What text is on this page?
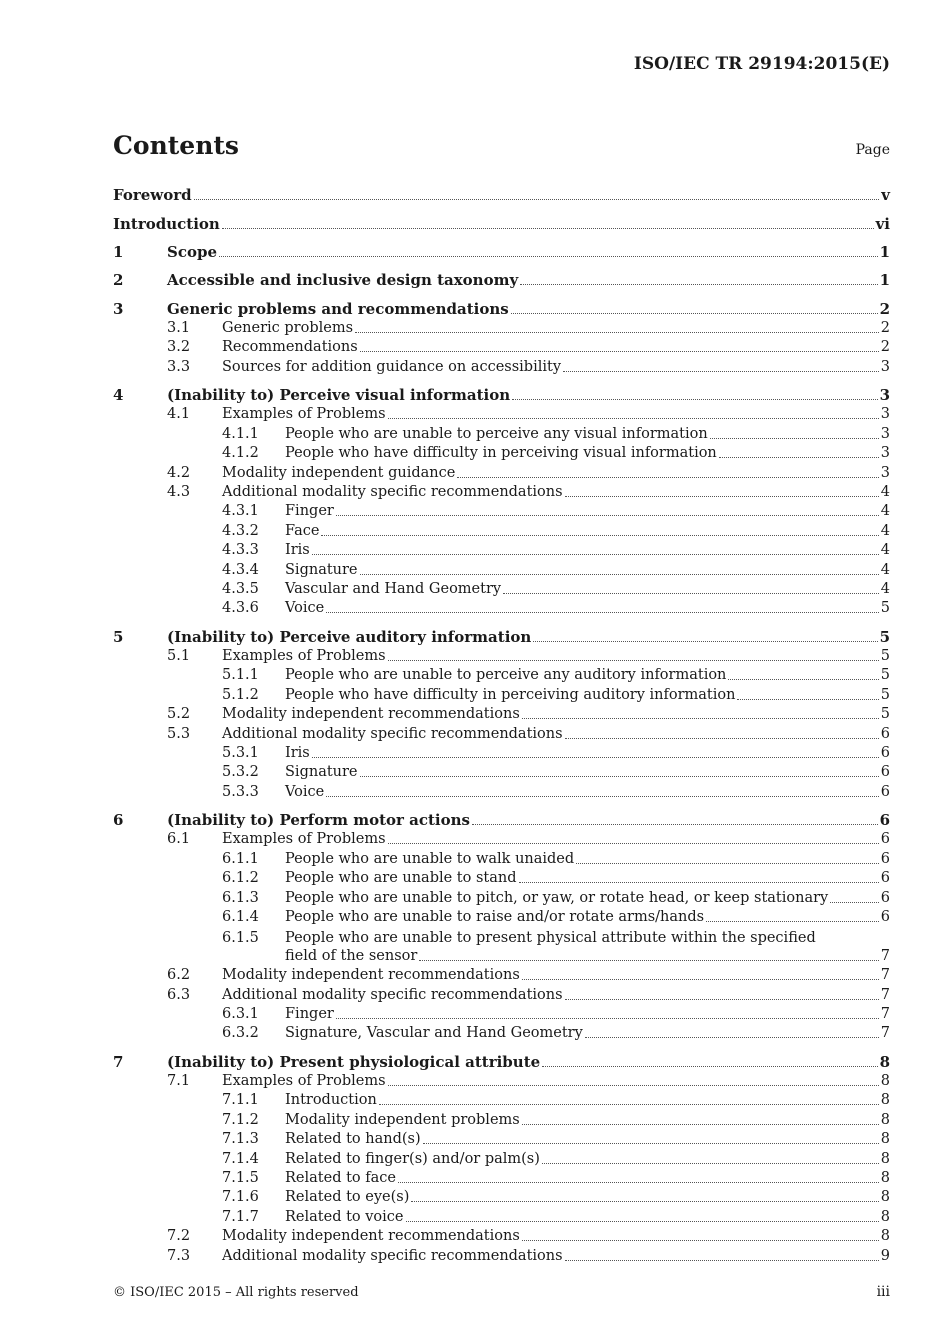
ISO/IEC TR 29194:2015(E)
Contents	Page
Foreword	v
Introduction	vi
1	Scope	1
2	Accessible and inclusive design taxonomy	1
3	Generic problems and recommendations	2
3.1 Generic problems	2
3.2 Recommendations	2
3.3 Sources for addition guidance on accessibility	3
4	(Inability to) Perceive visual information	3
4.1 Examples of Problems	3
4.1.1 People who are unable to perceive any visual information	3
4.1.2 People who have difficulty in perceiving visual information	3
4.2 Modality independent guidance	3
4.3 Additional modality specific recommendations	4
4.3.1 Finger	4
4.3.2 Face	4
4.3.3 Iris	4
4.3.4 Signature	4
4.3.5 Vascular and Hand Geometry	4
4.3.6 Voice	5
5	(Inability to) Perceive auditory information	5
5.1 Examples of Problems	5
5.1.1 People who are unable to perceive any auditory information	5
5.1.2 People who have difficulty in perceiving auditory information	5
5.2 Modality independent recommendations	5
5.3 Additional modality specific recommendations	6
5.3.1 Iris	6
5.3.2 Signature	6
5.3.3 Voice	6
6	(Inability to) Perform motor actions	6
6.1 Examples of Problems	6
6.1.1 People who are unable to walk unaided	6
6.1.2 People who are unable to stand	6
6.1.3 People who are unable to pitch, or yaw, or rotate head, or keep stationary	6
6.1.4 People who are unable to raise and/or rotate arms/hands	6
6.1.5 People who are unable to present physical attribute within the specified
field of the sensor	7
6.2 Modality independent recommendations	7
6.3 Additional modality specific recommendations	7
6.3.1 Finger	7
6.3.2 Signature, Vascular and Hand Geometry	7
7	(Inability to) Present physiological attribute	8
7.1 Examples of Problems	8
7.1.1 Introduction	8
7.1.2 Modality independent problems	8
7.1.3 Related to hand(s)	8
7.1.4 Related to finger(s) and/or palm(s)	8
7.1.5 Related to face	8
7.1.6 Related to eye(s)	8
7.1.7 Related to voice	8
7.2 Modality independent recommendations	8
7.3 Additional modality specific recommendations	9
© ISO/IEC 2015 – All rights reserved	iii
